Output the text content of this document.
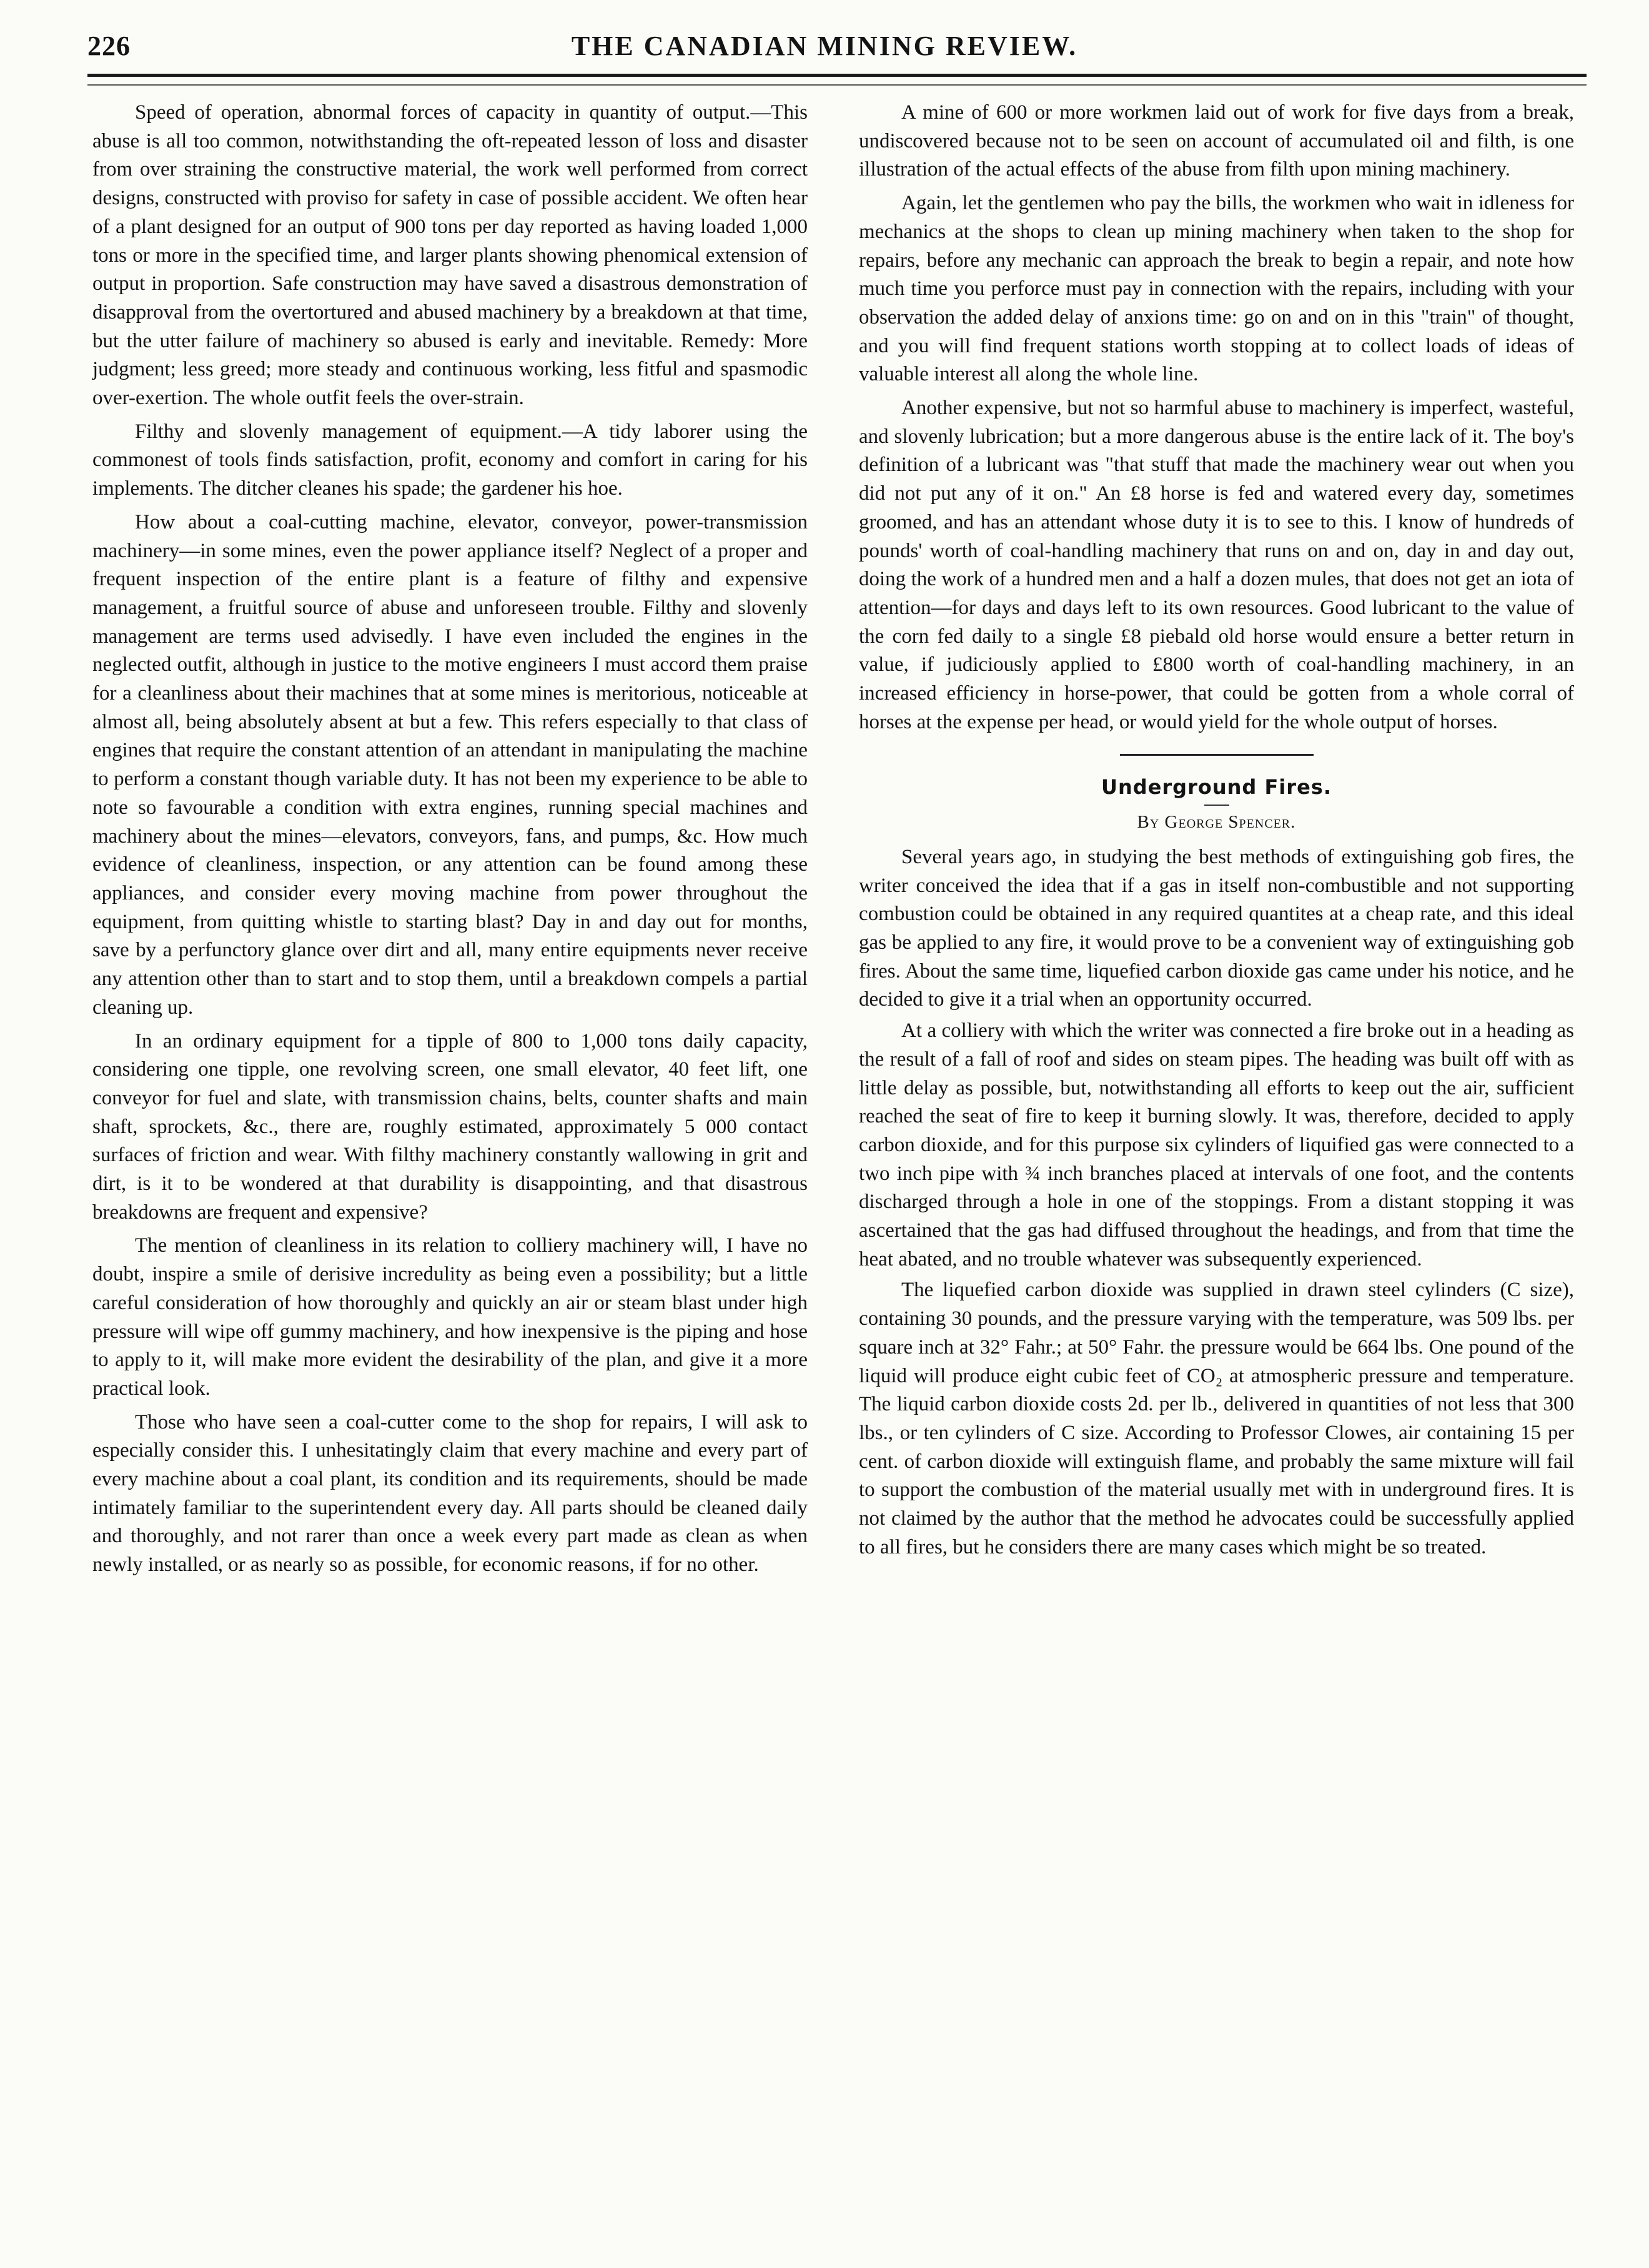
226	THE CANADIAN MINING REVIEW.

Speed of operation, abnormal forces of capacity in quantity of output.—This abuse is all too common, notwithstanding the oft-repeated lesson of loss and disaster from over straining the constructive material, the work well performed from correct designs, constructed with proviso for safety in case of possible accident. We often hear of a plant designed for an output of 900 tons per day reported as having loaded 1,000 tons or more in the specified time, and larger plants showing phenomical extension of output in proportion. Safe construction may have saved a disastrous demonstration of disapproval from the overtortured and abused machinery by a breakdown at that time, but the utter failure of machinery so abused is early and inevitable. Remedy: More judgment; less greed; more steady and continuous working, less fitful and spasmodic over-exertion. The whole outfit feels the over-strain.

Filthy and slovenly management of equipment.—A tidy laborer using the commonest of tools finds satisfaction, profit, economy and comfort in caring for his implements. The ditcher cleanes his spade; the gardener his hoe.

How about a coal-cutting machine, elevator, conveyor, power-transmission machinery—in some mines, even the power appliance itself? Neglect of a proper and frequent inspection of the entire plant is a feature of filthy and expensive management, a fruitful source of abuse and unforeseen trouble. Filthy and slovenly management are terms used advisedly. I have even included the engines in the neglected outfit, although in justice to the motive engineers I must accord them praise for a cleanliness about their machines that at some mines is meritorious, noticeable at almost all, being absolutely absent at but a few. This refers especially to that class of engines that require the constant attention of an attendant in manipulating the machine to perform a constant though variable duty. It has not been my experience to be able to note so favourable a condition with extra engines, running special machines and machinery about the mines—elevators, conveyors, fans, and pumps, &c. How much evidence of cleanliness, inspection, or any attention can be found among these appliances, and consider every moving machine from power throughout the equipment, from quitting whistle to starting blast? Day in and day out for months, save by a perfunctory glance over dirt and all, many entire equipments never receive any attention other than to start and to stop them, until a breakdown compels a partial cleaning up.

In an ordinary equipment for a tipple of 800 to 1,000 tons daily capacity, considering one tipple, one revolving screen, one small elevator, 40 feet lift, one conveyor for fuel and slate, with transmission chains, belts, counter shafts and main shaft, sprockets, &c., there are, roughly estimated, approximately 5 000 contact surfaces of friction and wear. With filthy machinery constantly wallowing in grit and dirt, is it to be wondered at that durability is disappointing, and that disastrous breakdowns are frequent and expensive?

The mention of cleanliness in its relation to colliery machinery will, I have no doubt, inspire a smile of derisive incredulity as being even a possibility; but a little careful consideration of how thoroughly and quickly an air or steam blast under high pressure will wipe off gummy machinery, and how inexpensive is the piping and hose to apply to it, will make more evident the desirability of the plan, and give it a more practical look.

Those who have seen a coal-cutter come to the shop for repairs, I will ask to especially consider this. I unhesitatingly claim that every machine and every part of every machine about a coal plant, its condition and its requirements, should be made intimately familiar to the superintendent every day. All parts should be cleaned daily and thoroughly, and not rarer than once a week every part made as clean as when newly installed, or as nearly so as possible, for economic reasons, if for no other.

A mine of 600 or more workmen laid out of work for five days from a break, undiscovered because not to be seen on account of accumulated oil and filth, is one illustration of the actual effects of the abuse from filth upon mining machinery.

Again, let the gentlemen who pay the bills, the workmen who wait in idleness for mechanics at the shops to clean up mining machinery when taken to the shop for repairs, before any mechanic can approach the break to begin a repair, and note how much time you perforce must pay in connection with the repairs, including with your observation the added delay of anxions time: go on and on in this "train" of thought, and you will find frequent stations worth stopping at to collect loads of ideas of valuable interest all along the whole line.

Another expensive, but not so harmful abuse to machinery is imperfect, wasteful, and slovenly lubrication; but a more dangerous abuse is the entire lack of it. The boy's definition of a lubricant was "that stuff that made the machinery wear out when you did not put any of it on." An £8 horse is fed and watered every day, sometimes groomed, and has an attendant whose duty it is to see to this. I know of hundreds of pounds' worth of coal-handling machinery that runs on and on, day in and day out, doing the work of a hundred men and a half a dozen mules, that does not get an iota of attention—for days and days left to its own resources. Good lubricant to the value of the corn fed daily to a single £8 piebald old horse would ensure a better return in value, if judiciously applied to £800 worth of coal-handling machinery, in an increased efficiency in horse-power, that could be gotten from a whole corral of horses at the expense per head, or would yield for the whole output of horses.

Underground Fires.
By George Spencer.

Several years ago, in studying the best methods of extinguishing gob fires, the writer conceived the idea that if a gas in itself non-combustible and not supporting combustion could be obtained in any required quantites at a cheap rate, and this ideal gas be applied to any fire, it would prove to be a convenient way of extinguishing gob fires. About the same time, liquefied carbon dioxide gas came under his notice, and he decided to give it a trial when an opportunity occurred.

At a colliery with which the writer was connected a fire broke out in a heading as the result of a fall of roof and sides on steam pipes. The heading was built off with as little delay as possible, but, notwithstanding all efforts to keep out the air, sufficient reached the seat of fire to keep it burning slowly. It was, therefore, decided to apply carbon dioxide, and for this purpose six cylinders of liquified gas were connected to a two inch pipe with ¾ inch branches placed at intervals of one foot, and the contents discharged through a hole in one of the stoppings. From a distant stopping it was ascertained that the gas had diffused throughout the headings, and from that time the heat abated, and no trouble whatever was subsequently experienced.

The liquefied carbon dioxide was supplied in drawn steel cylinders (C size), containing 30 pounds, and the pressure varying with the temperature, was 509 lbs. per square inch at 32° Fahr.; at 50° Fahr. the pressure would be 664 lbs. One pound of the liquid will produce eight cubic feet of CO₂ at atmospheric pressure and temperature. The liquid carbon dioxide costs 2d. per lb., delivered in quantities of not less that 300 lbs., or ten cylinders of C size. According to Professor Clowes, air containing 15 per cent. of carbon dioxide will extinguish flame, and probably the same mixture will fail to support the combustion of the material usually met with in underground fires. It is not claimed by the author that the method he advocates could be successfully applied to all fires, but he considers there are many cases which might be so treated.
